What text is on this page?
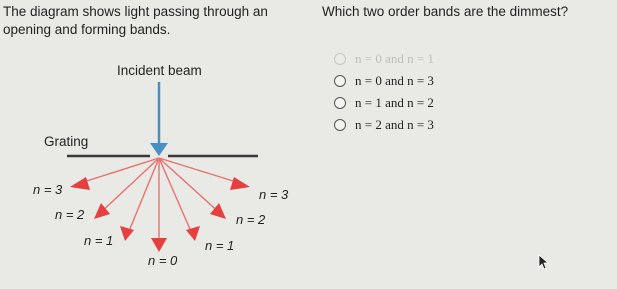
The diagram shows light passing through an opening and forming bands.

Which two order bands are the dimmest?

Incident beam
Grating
n = 3
n = 2
n = 1
n = 0
n = 1
n = 2
n = 3
n = 0 and n = 1
n = 0 and n = 3
n = 1 and n = 2
n = 2 and n = 3
